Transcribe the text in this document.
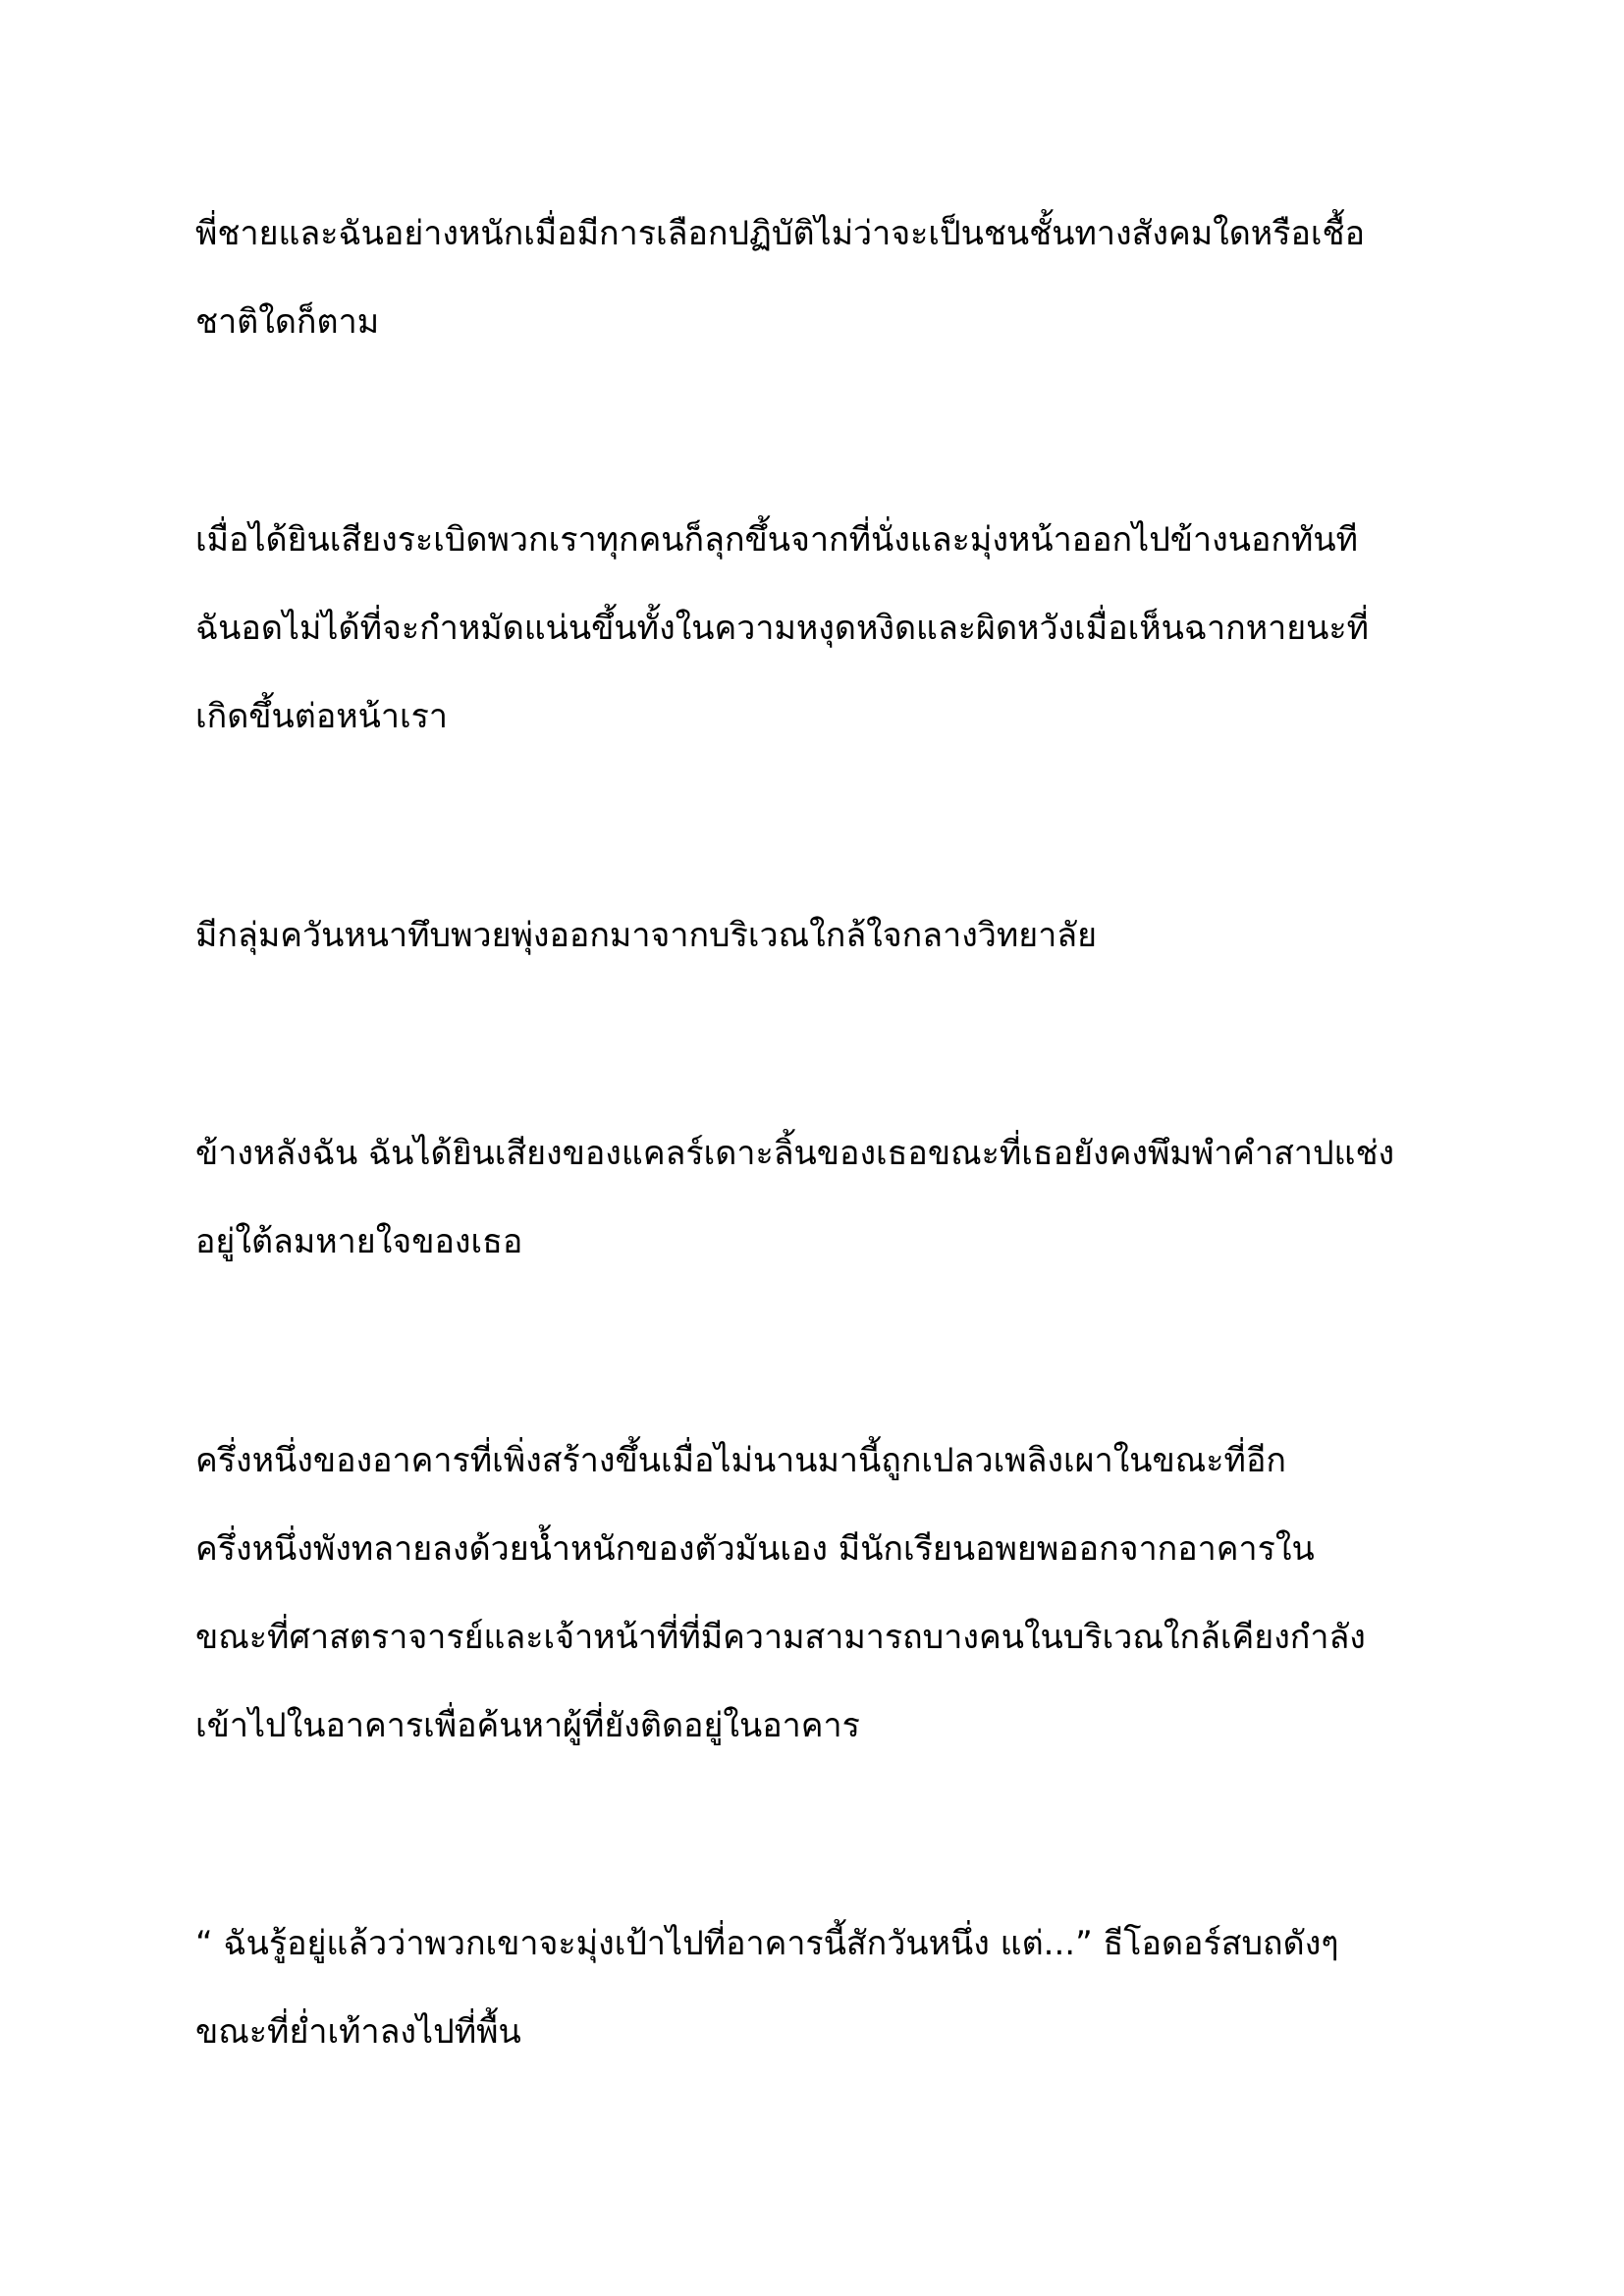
พี่ชายและฉันอย่างหนักเมื่อมีการเลือกปฏิบัติไม่ว่าจะเป็นชนชั้นทางสังคมใดหรือเชื้อ
ชาติใดก็ตาม

เมื่อได้ยินเสียงระเบิดพวกเราทุกคนก็ลุกขึ้นจากที่นั่งและมุ่งหน้าออกไปข้างนอกทันที
ฉันอดไม่ได้ที่จะกำหมัดแน่นขึ้นทั้งในความหงุดหงิดและผิดหวังเมื่อเห็นฉากหายนะที่
เกิดขึ้นต่อหน้าเรา

มีกลุ่มควันหนาทึบพวยพุ่งออกมาจากบริเวณใกล้ใจกลางวิทยาลัย

ข้างหลังฉัน ฉันได้ยินเสียงของแคลร์เดาะลิ้นของเธอขณะที่เธอยังคงพึมพำคำสาปแช่ง
อยู่ใต้ลมหายใจของเธอ

ครึ่งหนึ่งของอาคารที่เพิ่งสร้างขึ้นเมื่อไม่นานมานี้ถูกเปลวเพลิงเผาในขณะที่อีก
ครึ่งหนึ่งพังทลายลงด้วยน้ำหนักของตัวมันเอง มีนักเรียนอพยพออกจากอาคารใน
ขณะที่ศาสตราจารย์และเจ้าหน้าที่ที่มีความสามารถบางคนในบริเวณใกล้เคียงกำลัง
เข้าไปในอาคารเพื่อค้นหาผู้ที่ยังติดอยู่ในอาคาร

“ ฉันรู้อยู่แล้วว่าพวกเขาจะมุ่งเป้าไปที่อาคารนี้สักวันหนึ่ง แต่...” ธีโอดอร์สบถดังๆ
ขณะที่ย่ำเท้าลงไปที่พื้น
